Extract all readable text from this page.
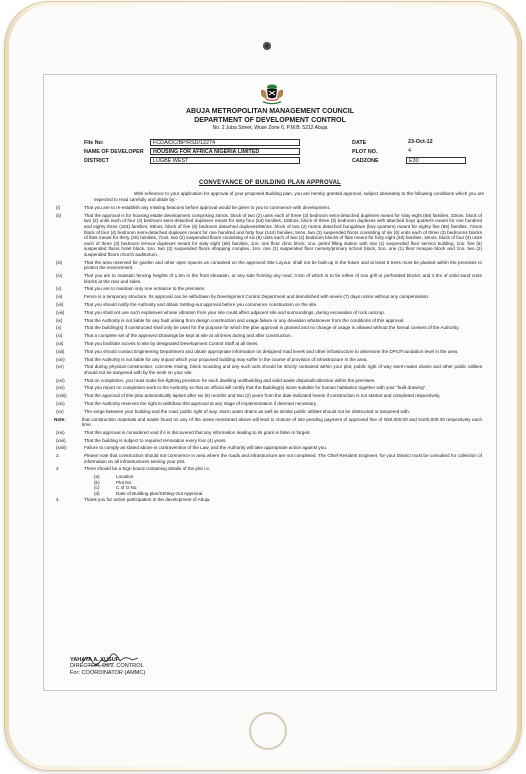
ABUJA METROPOLITAN MANAGEMENT COUNCIL
DEPARTMENT OF DEVELOPMENT CONTROL
No. 2 Juba Street, Wuse Zone 6, P.M.B. 5212 Abuja
File No:	FCDA/DC/BP/RSD/12274
NAME OF DEVELOPER	HOUSING FOR AFRICA NIGERIA LIMITED
DISTRICT	LUGBE WEST
DATE	23-Oct-12
PLOT NO.	4
CADZONE	E30
CONVEYANCE OF BUILDING PLAN APPROVAL
With reference to your application for approval of your proposed Building plan, you are hereby granted approval, subject absolutely to the following conditions which you are expected to read carefully and abide by:-
(i)	That you are to re-establish any missing beacons before approval would be given to you to commence with development.
(ii)	That the approval is for housing estate development comprising 34nos. block of two (2) units each of three (3) bedroom semi-detached duplexes meant for sixty eight (68) families, 32nos. block of two (2) units each of four (4) bedroom semi-detached duplexes meant for sixty four (64) families, 183nos. block of three (3) bedroom duplexes with attached boys quarters meant for one hundred and eighty three (183) families, 85nos. block of five (5) bedroom detached duplexes/85nos. block of two (2) rooms detached bungalows (boy quarters) meant for eighty five (85) families, 72nos block of four (4) bedroom semi-detached duplexes meant for one hundred and forty four (144) families, 5nos. two (2) suspended floors consisting of six (6) units each of three (3) bedrooms blocks of flats meant for thirty (30) families, 7nos. two (2) suspended floors consisting of six (6) units each of two (2) bedroom blocks of flats meant for forty eight (48) families, 16nos. block of four (4) units each of three (3) bedroom terrace duplexes meant for sixty eight (68) families, 1no. one floor clinic block, 1no. petrol filling station with one (1) suspended floor service building, 1no. five (5) suspended floors hotel block, 1no. two (2) suspended floors shopping complex, 1no. one (1) suspended floor nursery/primary school block, 1no. one (1) floor mosque block and 1no. two (2) suspended floors church auditorium.
(iii)	That the area reserved for garden and other open spaces as contained on the approved Site Layout, shall not be built-up in the future and at least 5 trees must be planted within the premises to protect the environment.
(iv)	That you are to maintain fencing heights of 1.5m in the front elevation, or any side fronting any road, 0.5m of which is to be either of iron grill or perforated blocks; and 2.0m of solid sand crete blocks at the rear and sides.
(v)	That you are to maintain only one entrance to the premises.
(vi)	Fence is a temporary structure. Its approval can be withdrawn by Development Control Department and demolished with seven (7) days notice without any compensation.
(vii)	That you should notify the Authority and obtain Setting-out approval before you commence construction on the site.
(viii)	That you shall not use such explosives whose vibration from your site could affect adjacent site and surroundings, during excavation of rock outcrop.
(ix)	That the Authority is not liable for any fault arising from design construction and usage failure or any deviation whatsoever from the conditions of this approval.
(x)	That the building(s) if constructed shall only be used for the purpose for which the plan approval is granted and no change of usage is allowed without the formal consent of the Authority.
(xi)	That a complete set of the approved Drawings be kept at site at all times during and after construction.
(xii)	That you facilitate access to site by designated Development Control Staff at all times.
(xiii)	That you should contact Engineering Department and obtain appropriate information on designed road levels and other infrastructure to determine the DPC/Foundation level in the area.
(xiv)	That the Authority is not liable for any impact which your proposed building may suffer in the course of provision of infrastructure in the area.
(xv)	That during physical construction, concrete mixing, block moulding and any such acts should be strictly contained within your plot, public right of way storm-water drains and other public utilities should not be tampered with by the work on your site.
(xvi)	That on completion, you must make fire-fighting provision for each dwelling unit/building and solid waste disposal/collection within the premises.
(xvi)	That you report on completion work to the Authority so that an official will certify that the Building(s) is/are suitable for human habitation together with your "built drawing".
(xviii)	That the approval of this plan automatically lapses after six (6) months and two (2) years from the date indicated herein if construction is not started and completed respectively.
(xix)	That the Authority reserves the right to withdraw this approval at any stage of implementation if deemed necessary.
(xx)	The verge between your building and the road, public right of way, storm water drains as well as similar public utilities should not be obstructed or tampered with.
Note:	that construction materials and waste found on any of the areas mentioned above will lead to closure of site pending payment of approved fine of N50,000.00 and N100,000.00 respectively each time.
(xxi)	That this approval is considered void if it is discovered that any information leading to its grant is false or forged.
(xxii)	That the building is subject to required renovation every four (4) years.
(xxiii)	Failure to comply as stated above is contravention of the Law, and the Authority will take appropriate action against you.
2.	Please note that construction should not commence in area where the roads and infrastructure are not completed. The Chief Resident Engineer, for your District must be consulted for collection of information on all infrastructures serving your plot.
3	There should be a Sign board containing details of the plot i.e.
(a)	Location
(b)	Plot No.
(c)	C of O No.
(d)	Date of Building plan/Setting-Out Approval.
4.	Thank you for active participation in the development of Abuja.
YAHAYA A. YUSUF
DIRECTOR, DEV. CONTROL
For: COORDINATOR (AMMC)
